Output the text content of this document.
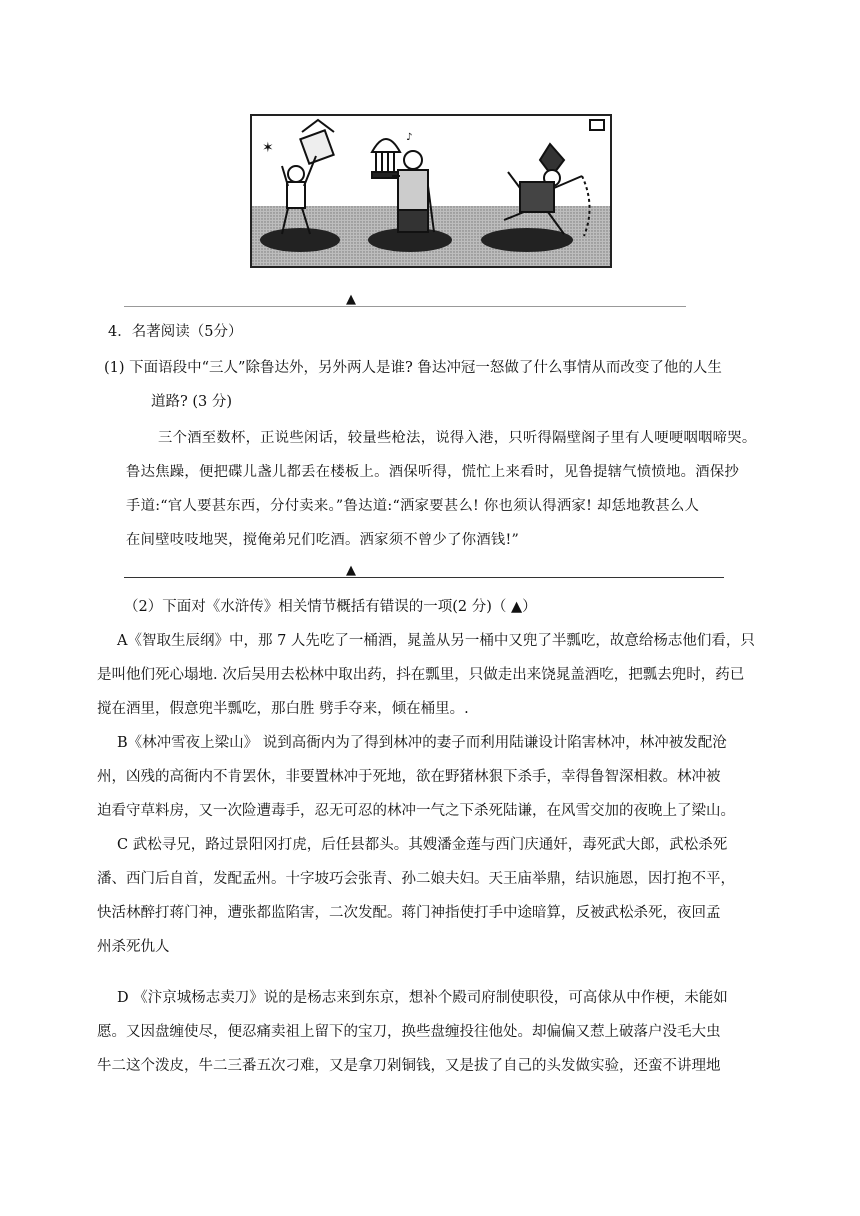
✶
♪
▲
4．名著阅读（5分）
(1) 下面语段中“三人”除鲁达外，另外两人是谁? 鲁达冲冠一怒做了什么事情从而改变了他的人生
道路? (3 分)
三个酒至数杯，正说些闲话，较量些枪法，说得入港，只听得隔壁阁子里有人哽哽咽咽啼哭。
鲁达焦躁，便把碟儿盏儿都丢在楼板上。酒保听得，慌忙上来看时，见鲁提辖气愤愤地。酒保抄
手道:“官人要甚东西，分付卖来。”鲁达道:“洒家要甚么! 你也须认得洒家! 却恁地教甚么人
在间壁吱吱地哭，搅俺弟兄们吃酒。洒家须不曾少了你酒钱!”
▲
（2）下面对《水浒传》相关情节概括有错误的一项(2 分)（ ▲）
A《智取生辰纲》中，那 7 人先吃了一桶酒，晁盖从另一桶中又兜了半瓢吃，故意给杨志他们看，只
是叫他们死心塌地. 次后吴用去松林中取出药，抖在瓢里，只做走出来饶晁盖酒吃，把瓢去兜时，药已
搅在酒里，假意兜半瓢吃，那白胜 劈手夺来，倾在桶里。.
B《林冲雪夜上梁山》 说到高衙内为了得到林冲的妻子而利用陆谦设计陷害林冲，林冲被发配沧
州，凶残的高衙内不肯罢休，非要置林冲于死地，欲在野猪林狠下杀手，幸得鲁智深相救。林冲被
迫看守草料房，又一次险遭毒手，忍无可忍的林冲一气之下杀死陆谦，在风雪交加的夜晚上了梁山。
C 武松寻兄，路过景阳冈打虎，后任县都头。其嫂潘金莲与西门庆通奸，毒死武大郎，武松杀死
潘、西门后自首，发配孟州。十字坡巧会张青、孙二娘夫妇。天王庙举鼎，结识施恩，因打抱不平，
快活林醉打蒋门神，遭张都监陷害，二次发配。蒋门神指使打手中途暗算，反被武松杀死，夜回孟
州杀死仇人
D 《汴京城杨志卖刀》说的是杨志来到东京，想补个殿司府制使职役，可高俅从中作梗，未能如
愿。又因盘缠使尽，便忍痛卖祖上留下的宝刀，换些盘缠投往他处。却偏偏又惹上破落户没毛大虫
牛二这个泼皮，牛二三番五次刁难，又是拿刀剁铜钱，又是拔了自己的头发做实验，还蛮不讲理地
